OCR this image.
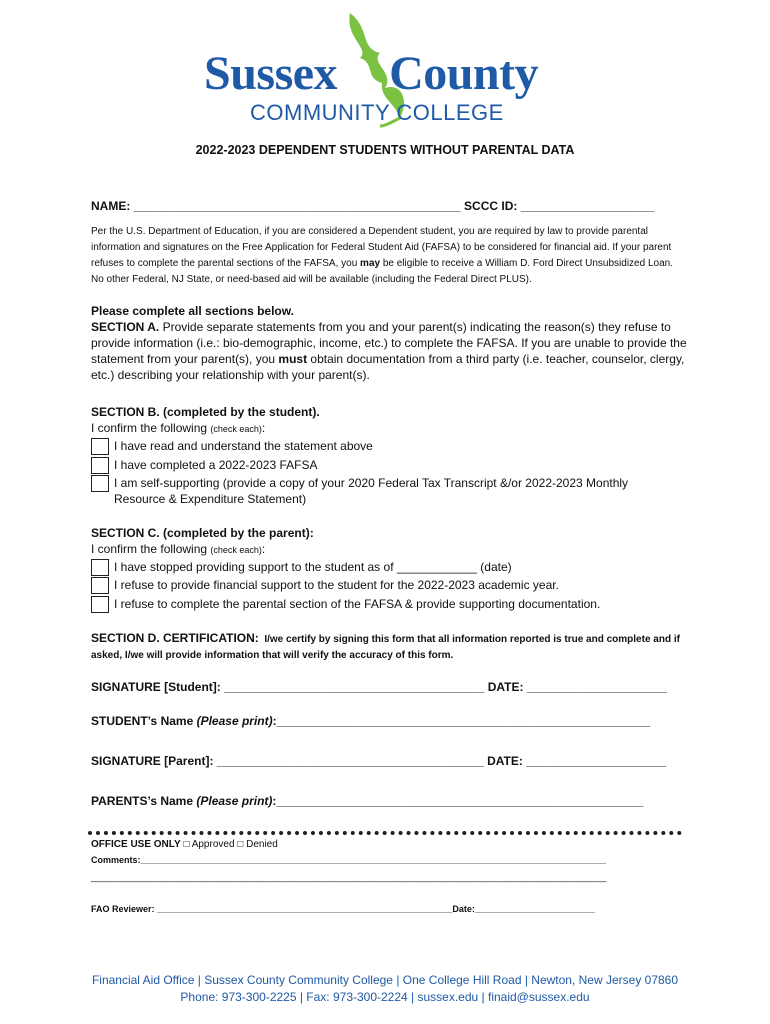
Sussex County
COMMUNITY COLLEGE
2022-2023 DEPENDENT STUDENTS WITHOUT PARENTAL DATA
NAME: _________________________________________________ SCCC ID: ____________________
Per the U.S. Department of Education, if you are considered a Dependent student, you are required by law to provide parental information and signatures on the Free Application for Federal Student Aid (FAFSA) to be considered for financial aid. If your parent refuses to complete the parental sections of the FAFSA, you may be eligible to receive a William D. Ford Direct Unsubsidized Loan. No other Federal, NJ State, or need-based aid will be available (including the Federal Direct PLUS).
Please complete all sections below.
SECTION A. Provide separate statements from you and your parent(s) indicating the reason(s) they refuse to provide information (i.e.: bio-demographic, income, etc.) to complete the FAFSA. If you are unable to provide the statement from your parent(s), you must obtain documentation from a third party (i.e. teacher, counselor, clergy, etc.) describing your relationship with your parent(s).
SECTION B. (completed by the student).
I confirm the following (check each):
I have read and understand the statement above
I have completed a 2022-2023 FAFSA
I am self-supporting (provide a copy of your 2020 Federal Tax Transcript &/or 2022-2023 Monthly Resource & Expenditure Statement)
SECTION C. (completed by the parent):
I confirm the following (check each):
I have stopped providing support to the student as of ____________ (date)
I refuse to provide financial support to the student for the 2022-2023 academic year.
I refuse to complete the parental section of the FAFSA & provide supporting documentation.
SECTION D. CERTIFICATION: I/we certify by signing this form that all information reported is true and complete and if asked, I/we will provide information that will verify the accuracy of this form.
SIGNATURE [Student]: _______________________________________ DATE: _____________________
STUDENT’s Name (Please print):________________________________________________________
SIGNATURE [Parent]: ________________________________________ DATE: _____________________
PARENTS’s Name (Please print):_______________________________________________________
OFFICE USE ONLY □ Approved □ Denied
Comments:_____________________________________________________________________________________________
_______________________________________________________________________________________________________
FAO Reviewer: ___________________________________________________________Date:________________________
Financial Aid Office | Sussex County Community College | One College Hill Road | Newton, New Jersey 07860
Phone: 973-300-2225 | Fax: 973-300-2224 | sussex.edu | finaid@sussex.edu
